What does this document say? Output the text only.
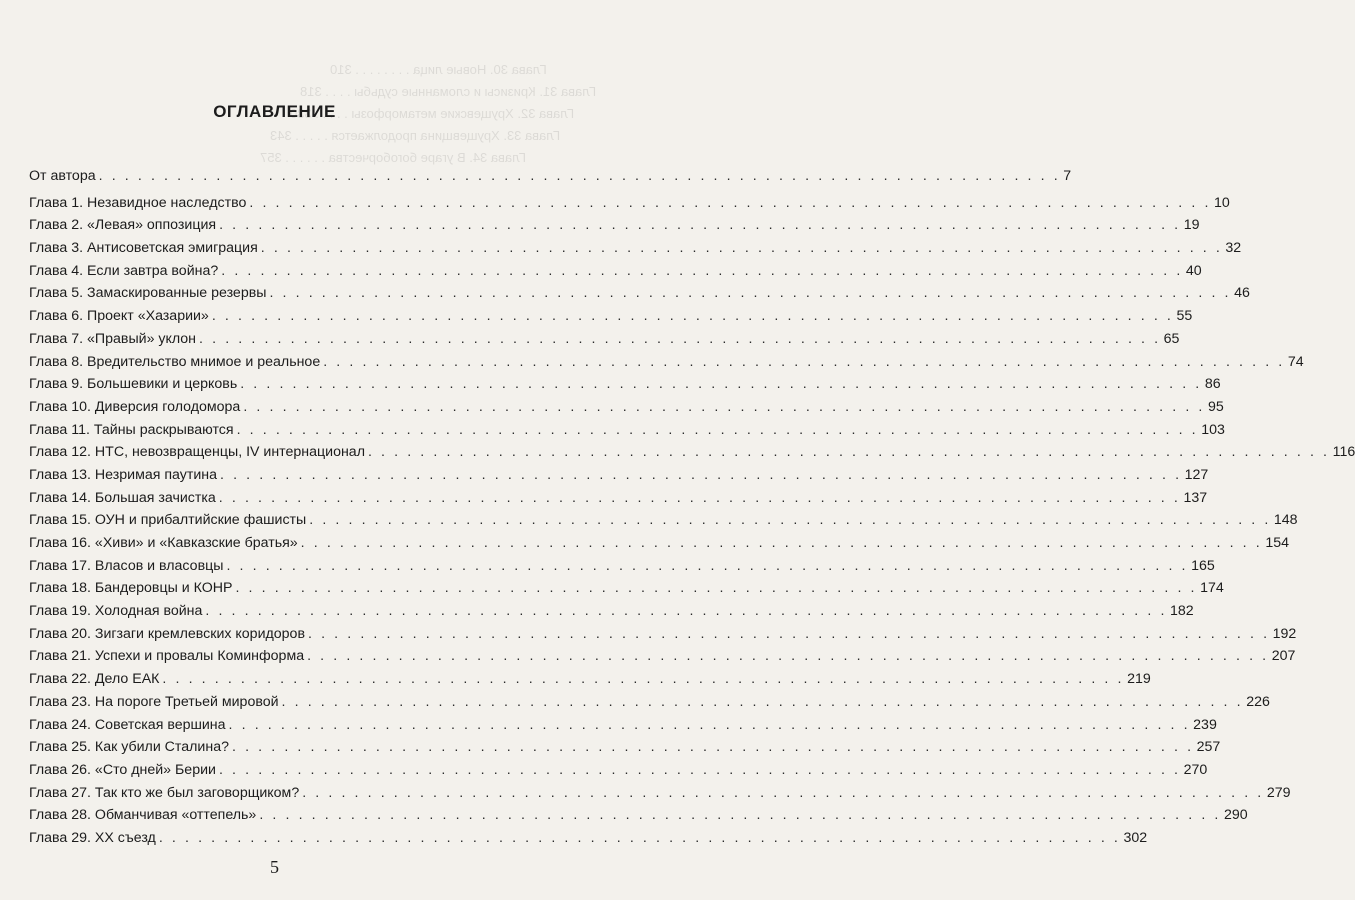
Глава 30. Новые лица . . . . . . . . 310
Глава 31. Кризисы и сломанные судьбы . . . . 318
Глава 32. Хрущевские метаморфозы . . . . . 330
Глава 33. Хрущевщина продолжается . . . . . 343
Глава 34. В угаре богоборчества . . . . . . 357
ОГЛАВЛЕНИЕ
От автора . . .	7
Глава 1. Незавидное наследство . . .	10
Глава 2. «Левая» оппозиция . . .	19
Глава 3. Антисоветская эмиграция . . .	32
Глава 4. Если завтра война? . . .	40
Глава 5. Замаскированные резервы . . .	46
Глава 6. Проект «Хазарии» . . .	55
Глава 7. «Правый» уклон . . .	65
Глава 8. Вредительство мнимое и реальное . . .	74
Глава 9. Большевики и церковь . . .	86
Глава 10. Диверсия голодомора . . .	95
Глава 11. Тайны раскрываются . . .	103
Глава 12. НТС, невозвращенцы, IV интернационал . . .	116
Глава 13. Незримая паутина . . .	127
Глава 14. Большая зачистка . . .	137
Глава 15. ОУН и прибалтийские фашисты . . .	148
Глава 16. «Хиви» и «Кавказские братья» . . .	154
Глава 17. Власов и власовцы . . .	165
Глава 18. Бандеровцы и КОНР . . .	174
Глава 19. Холодная война . . .	182
Глава 20. Зигзаги кремлевских коридоров . . .	192
Глава 21. Успехи и провалы Коминформа . . .	207
Глава 22. Дело ЕАК . . .	219
Глава 23. На пороге Третьей мировой . . .	226
Глава 24. Советская вершина . . .	239
Глава 25. Как убили Сталина? . . .	257
Глава 26. «Сто дней» Берии . . .	270
Глава 27. Так кто же был заговорщиком? . . .	279
Глава 28. Обманчивая «оттепель» . . .	290
Глава 29. XX съезд . . .	302
5
